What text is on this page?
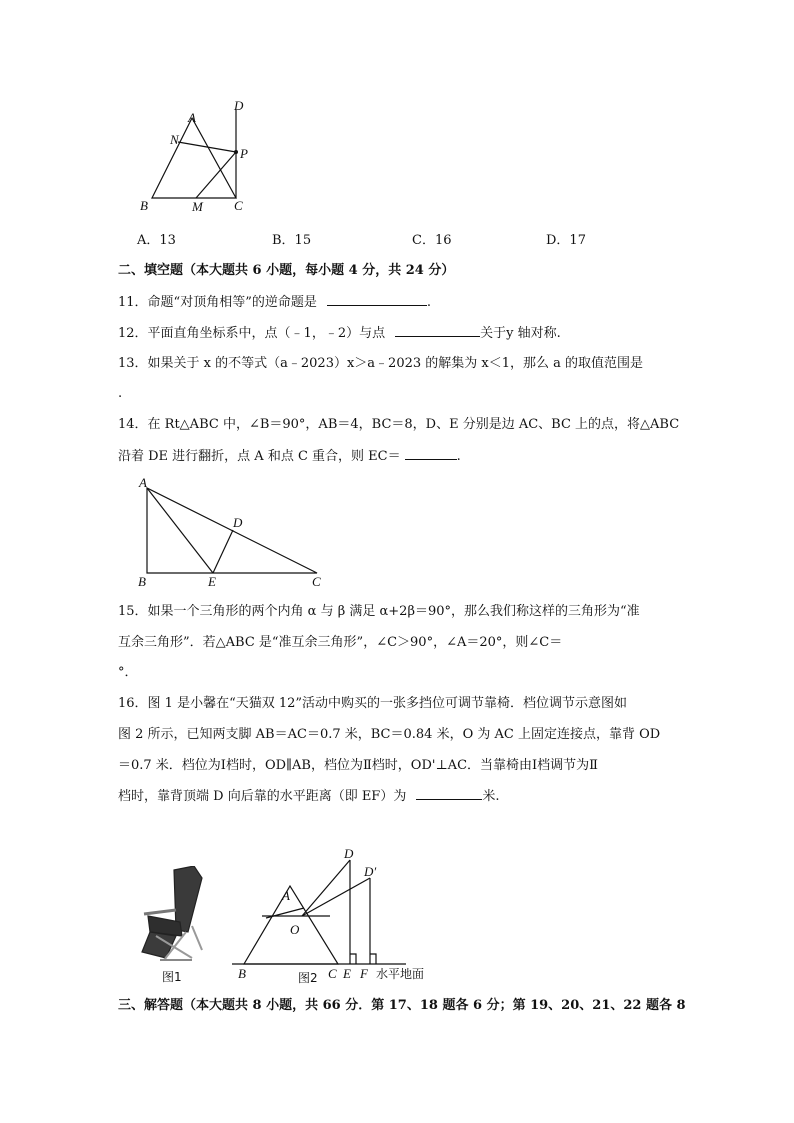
D
A
N
P
B	M C
A．13	B．15	C．16	D．17
二、填空题（本大题共 6 小题，每小题 4 分，共 24 分）
11．命题“对顶角相等”的逆命题是	.
12．平面直角坐标系中，点（﹣1，﹣2）与点	关于y 轴对称.
13．如果关于 x 的不等式（a﹣2023）x＞a﹣2023 的解集为 x＜1，那么 a 的取值范围是
.
14．在 Rt△ABC 中，∠B＝90°，AB＝4，BC＝8，D、E 分别是边 AC、BC 上的点，将△ABC
沿着 DE 进行翻折，点 A 和点 C 重合，则 EC＝	.
A
D
B	E	C
15．如果一个三角形的两个内角 α 与 β 满足 α+2β＝90°，那么我们称这样的三角形为“准
互余三角形”．若△ABC 是“准互余三角形”，∠C＞90°，∠A＝20°，则∠C＝
°．
16．图 1 是小馨在“天猫双 12”活动中购买的一张多挡位可调节靠椅．档位调节示意图如
图 2 所示，已知两支脚 AB＝AC＝0.7 米，BC＝0.84 米，O 为 AC 上固定连接点，靠背 OD
＝0.7 米．档位为Ⅰ档时，OD∥AB，档位为Ⅱ档时，OD'⊥AC．当靠椅由Ⅰ档调节为Ⅱ
档时，靠背顶端 D 向后靠的水平距离（即 EF）为	米.
D
D′
A
O
B	C E F 水平地面
图2
图1
三、解答题（本大题共 8 小题，共 66 分．第 17、18 题各 6 分；第 19、20、21、22 题各 8
